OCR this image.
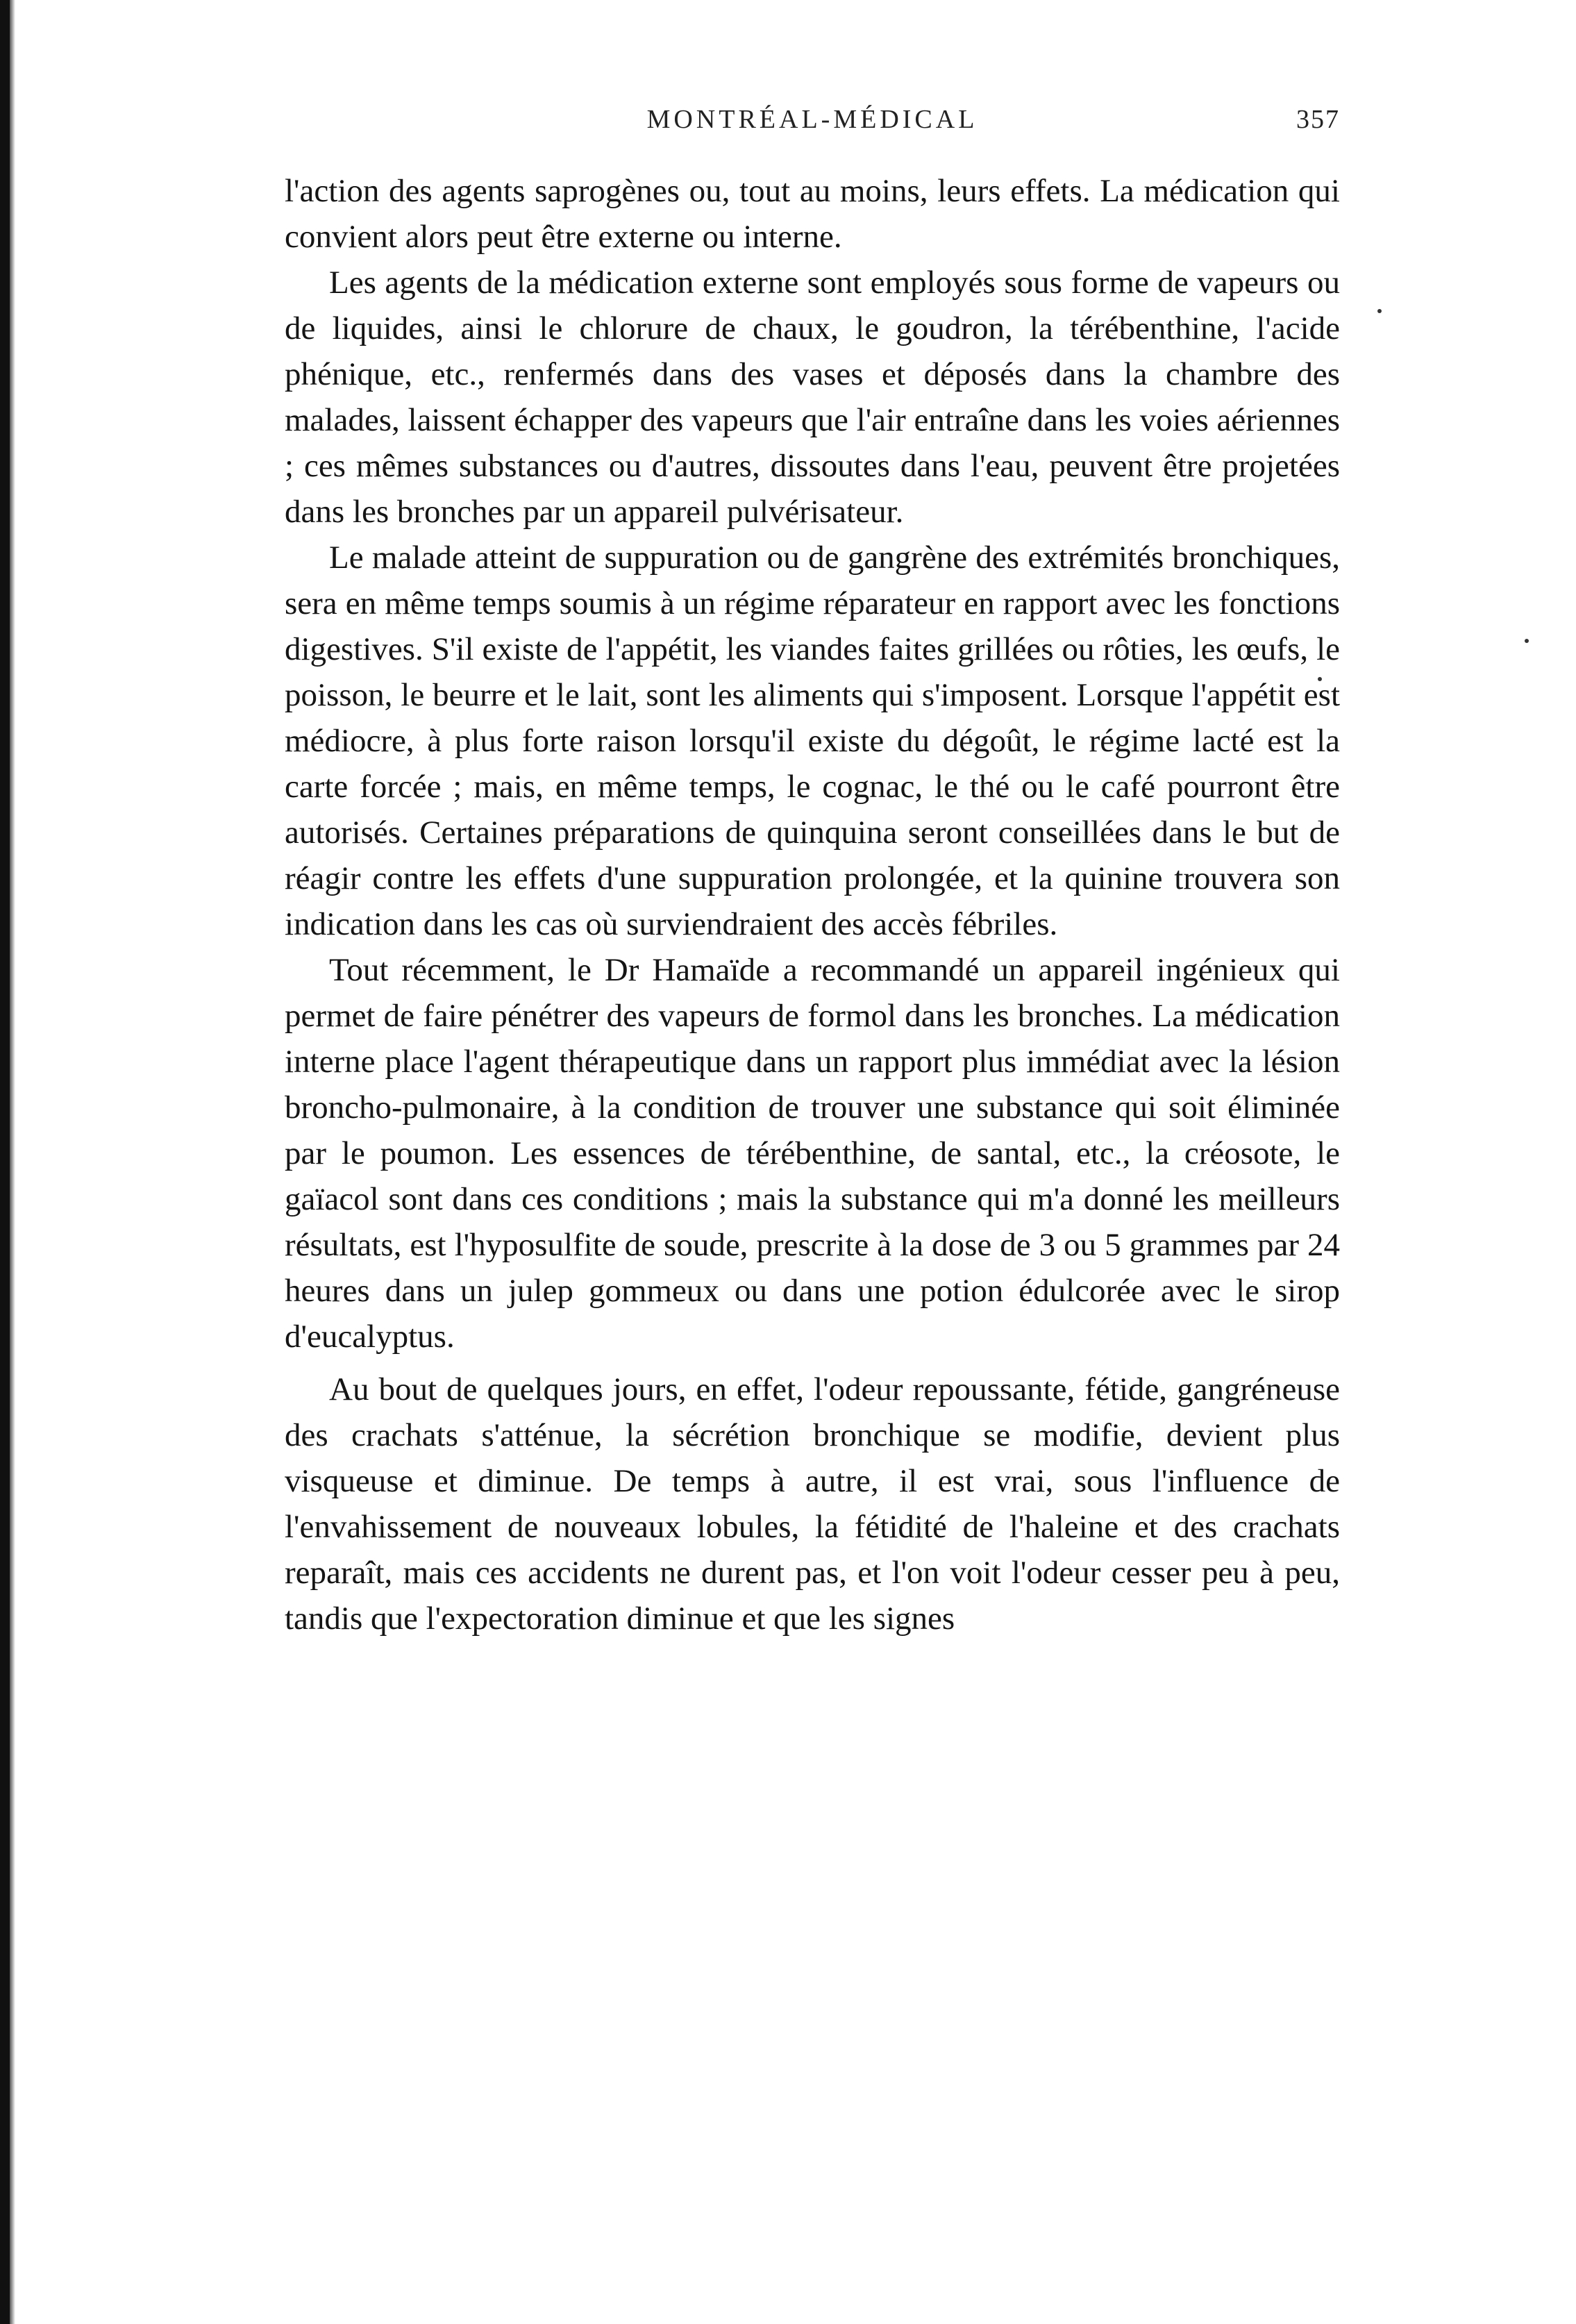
MONTRÉAL-MÉDICAL	357

l'action des agents saprogènes ou, tout au moins, leurs effets. La médication qui convient alors peut être externe ou interne.

Les agents de la médication externe sont employés sous forme de vapeurs ou de liquides, ainsi le chlorure de chaux, le goudron, la térébenthine, l'acide phénique, etc., renfermés dans des vases et déposés dans la chambre des malades, laissent échapper des vapeurs que l'air entraîne dans les voies aériennes ; ces mêmes substances ou d'autres, dissoutes dans l'eau, peuvent être projetées dans les bronches par un appareil pulvérisateur.

Le malade atteint de suppuration ou de gangrène des extrémités bronchiques, sera en même temps soumis à un régime réparateur en rapport avec les fonctions digestives. S'il existe de l'appétit, les viandes faites grillées ou rôties, les œufs, le poisson, le beurre et le lait, sont les aliments qui s'imposent. Lorsque l'appétit est médiocre, à plus forte raison lorsqu'il existe du dégoût, le régime lacté est la carte forcée ; mais, en même temps, le cognac, le thé ou le café pourront être autorisés. Certaines préparations de quinquina seront conseillées dans le but de réagir contre les effets d'une suppuration prolongée, et la quinine trouvera son indication dans les cas où surviendraient des accès fébriles.

Tout récemment, le Dr Hamaïde a recommandé un appareil ingénieux qui permet de faire pénétrer des vapeurs de formol dans les bronches. La médication interne place l'agent thérapeutique dans un rapport plus immédiat avec la lésion broncho-pulmonaire, à la condition de trouver une substance qui soit éliminée par le poumon. Les essences de térébenthine, de santal, etc., la créosote, le gaïacol sont dans ces conditions ; mais la substance qui m'a donné les meilleurs résultats, est l'hyposulfite de soude, prescrite à la dose de 3 ou 5 grammes par 24 heures dans un julep gommeux ou dans une potion édulcorée avec le sirop d'eucalyptus.

Au bout de quelques jours, en effet, l'odeur repoussante, fétide, gangréneuse des crachats s'atténue, la sécrétion bronchique se modifie, devient plus visqueuse et diminue. De temps à autre, il est vrai, sous l'influence de l'envahissement de nouveaux lobules, la fétidité de l'haleine et des crachats reparaît, mais ces accidents ne durent pas, et l'on voit l'odeur cesser peu à peu, tandis que l'expectoration diminue et que les signes
